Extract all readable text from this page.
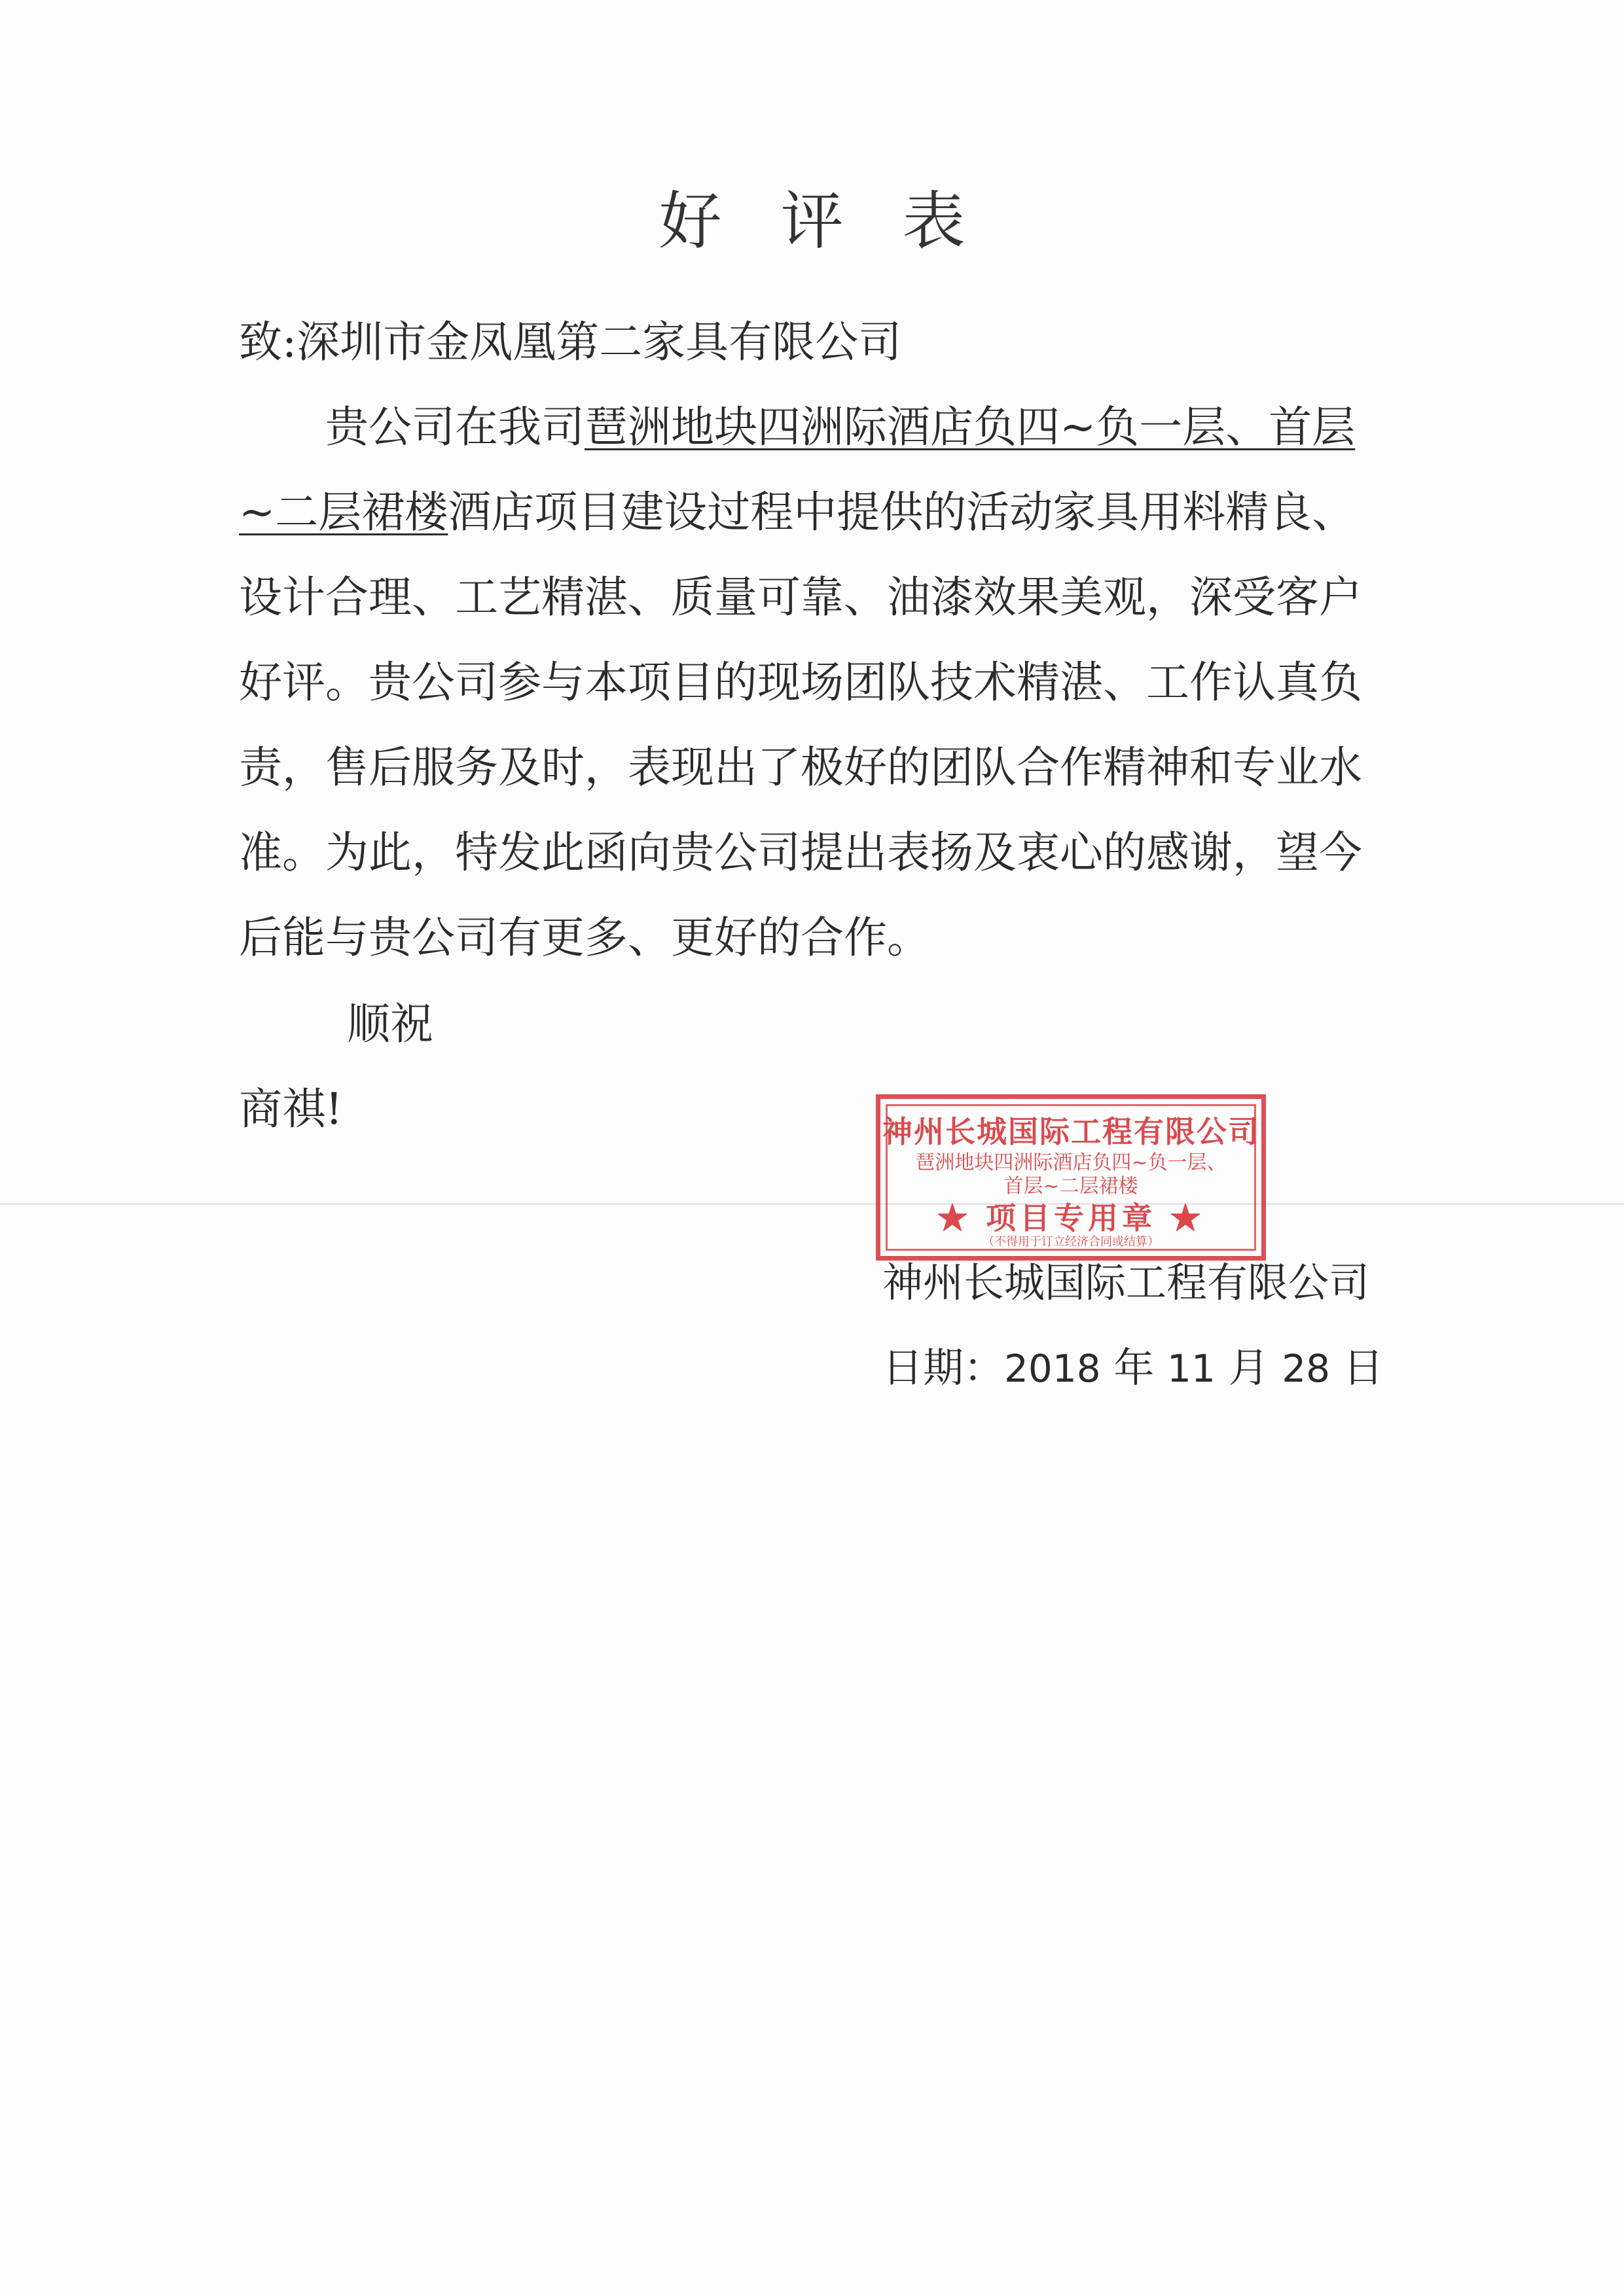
好评表
致:深圳市金凤凰第二家具有限公司
贵公司在我司琶洲地块四洲际酒店负四~负一层、首层~二层裙楼酒店项目建设过程中提供的活动家具用料精良、设计合理、工艺精湛、质量可靠、油漆效果美观，深受客户好评。贵公司参与本项目的现场团队技术精湛、工作认真负责，售后服务及时，表现出了极好的团队合作精神和专业水准。 为此，特发此函向贵公司提出表扬及衷心的感谢，望今后能与贵公司有更多、更好的合作。
顺祝
商祺!
神州长城国际工程有限公司
日期：2018 年 11 月 28 日
神州长城国际工程有限公司
琶洲地块四洲际酒店负四~负一层、
首层~二层裙楼
★ 项目专用章 ★
（不得用于订立经济合同或结算）
